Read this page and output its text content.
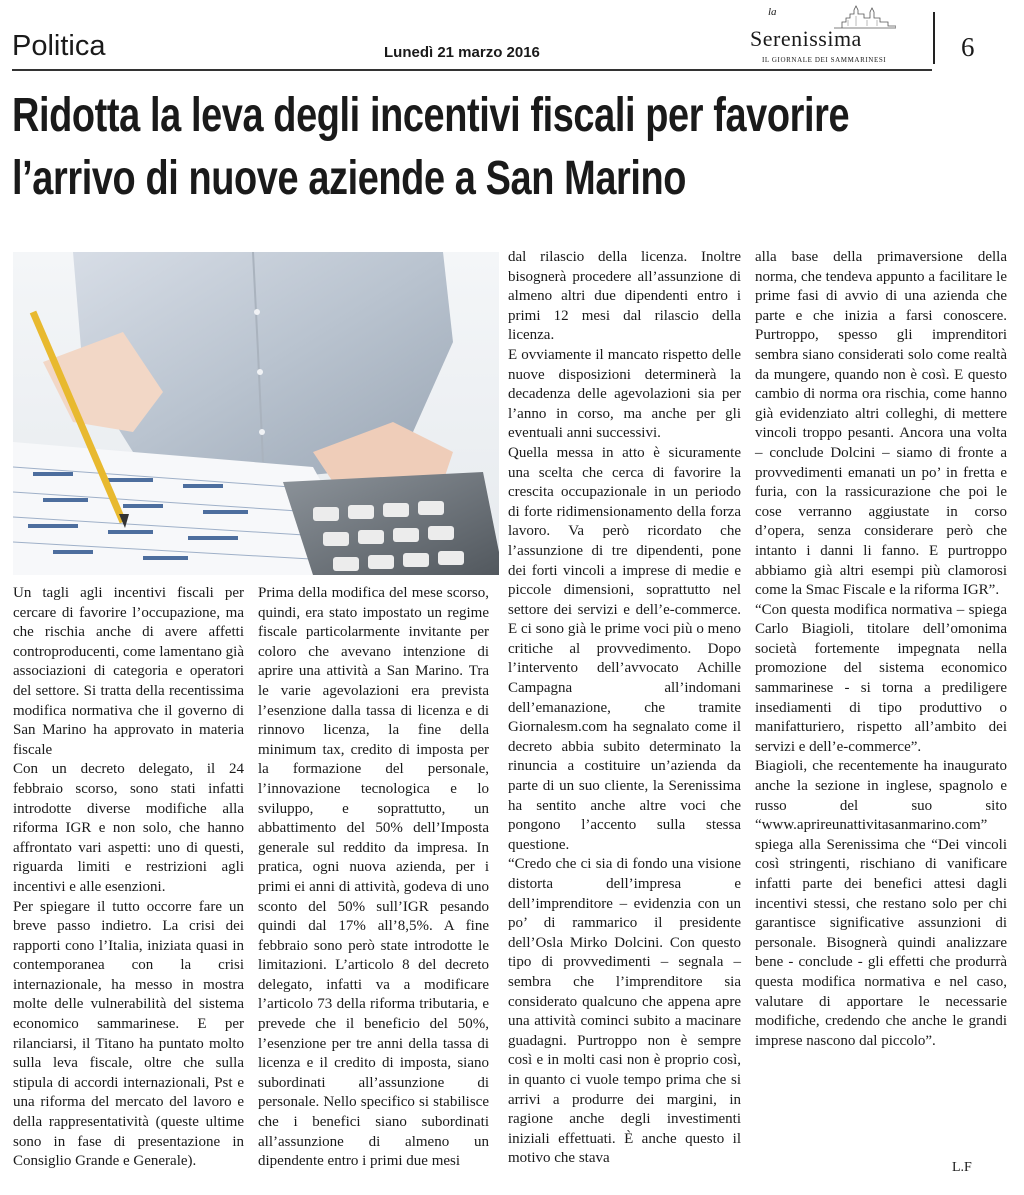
Politica	Lunedì 21 marzo 2016
la
Serenissima
IL GIORNALE DEI SAMMARINESI	6
Ridotta la leva degli incentivi fiscali per favorire
l’arrivo di nuove aziende a San Marino

Un tagli agli incentivi fiscali per cercare di favorire l’occupazione, ma che rischia anche di avere affetti controproducenti, come lamentano già associazioni di categoria e operatori del settore. Si tratta della recentissima modifica normativa che il governo di San Marino ha approvato in materia fiscale

Con un decreto delegato, il 24 febbraio scorso, sono stati infatti introdotte diverse modifiche alla riforma IGR e non solo, che hanno affrontato vari aspetti: uno di questi, riguarda limiti e restrizioni agli incentivi e alle esenzioni.

Per spiegare il tutto occorre fare un breve passo indietro. La crisi dei rapporti cono l’Italia, iniziata quasi in contemporanea con la crisi internazionale, ha messo in mostra molte delle vulnerabilità del sistema economico sammarinese. E per rilanciarsi, il Titano ha puntato molto sulla leva fiscale, oltre che sulla stipula di accordi internazionali, Pst e una riforma del mercato del lavoro e della rappresentatività (queste ultime sono in fase di presentazione in Consiglio Grande e Generale).

Prima della modifica del mese scorso, quindi, era stato impostato un regime fiscale particolarmente invitante per coloro che avevano intenzione di aprire una attività a San Marino. Tra le varie agevolazioni era prevista l’esenzione dalla tassa di licenza e di rinnovo licenza, la fine della minimum tax, credito di imposta per la formazione del personale, l’innovazione tecnologica e lo sviluppo, e soprattutto, un abbattimento del 50% dell’Imposta generale sul reddito da impresa. In pratica, ogni nuova azienda, per i primi ei anni di attività, godeva di uno sconto del 50% sull’IGR pesando quindi dal 17% all’8,5%. A fine febbraio sono però state introdotte le limitazioni. L’articolo 8 del decreto delegato, infatti va a modificare l’articolo 73 della riforma tributaria, e prevede che il beneficio del 50%, l’esenzione per tre anni della tassa di licenza e il credito di imposta, siano subordinati all’assunzione di personale. Nello specifico si stabilisce che i benefici siano subordinati all’assunzione di almeno un dipendente entro i primi due mesi

dal rilascio della licenza. Inoltre bisognerà procedere all’assunzione di almeno altri due dipendenti entro i primi 12 mesi dal rilascio della licenza.

E ovviamente il mancato rispetto delle nuove disposizioni determinerà la decadenza delle agevolazioni sia per l’anno in corso, ma anche per gli eventuali anni successivi.

Quella messa in atto è sicuramente una scelta che cerca di favorire la crescita occupazionale in un periodo di forte ridimensionamento della forza lavoro. Va però ricordato che l’assunzione di tre dipendenti, pone dei forti vincoli a imprese di medie e piccole dimensioni, soprattutto nel settore dei servizi e dell’e-commerce. E ci sono già le prime voci più o meno critiche al provvedimento. Dopo l’intervento dell’avvocato Achille Campagna all’indomani dell’emanazione, che tramite Giornalesm.com ha segnalato come il decreto abbia subito determinato la rinuncia a costituire un’azienda da parte di un suo cliente, la Serenissima ha sentito anche altre voci che pongono l’accento sulla stessa questione.

“Credo che ci sia di fondo una visione distorta dell’impresa e dell’imprenditore – evidenzia con un po’ di rammarico il presidente dell’Osla Mirko Dolcini. Con questo tipo di provvedimenti – segnala – sembra che l’imprenditore sia considerato qualcuno che appena apre una attività cominci subito a macinare guadagni. Purtroppo non è sempre così e in molti casi non è proprio così, in quanto ci vuole tempo prima che si arrivi a produrre dei margini, in ragione anche degli investimenti iniziali effettuati. È anche questo il motivo che stava

alla base della primaversione della norma, che tendeva appunto a facilitare le prime fasi di avvio di una azienda che parte e che inizia a farsi conoscere. Purtroppo, spesso gli imprenditori sembra siano considerati solo come realtà da mungere, quando non è così. E questo cambio di norma ora rischia, come hanno già evidenziato altri colleghi, di mettere vincoli troppo pesanti. Ancora una volta – conclude Dolcini – siamo di fronte a provvedimenti emanati un po’ in fretta e furia, con la rassicurazione che poi le cose verranno aggiustate in corso d’opera, senza considerare però che intanto i danni li fanno. E purtroppo abbiamo già altri esempi più clamorosi come la Smac Fiscale e la riforma IGR”.

“Con questa modifica normativa – spiega Carlo Biagioli, titolare dell’omonima società fortemente impegnata nella promozione del sistema economico sammarinese - si torna a prediligere insediamenti di tipo produttivo o manifatturiero, rispetto all’ambito dei servizi e dell’e-commerce”.

Biagioli, che recentemente ha inaugurato anche la sezione in inglese, spagnolo e russo del suo sito “www.aprireunattivitasanmarino.com” spiega alla Serenissima che “Dei vincoli così stringenti, rischiano di vanificare infatti parte dei benefici attesi dagli incentivi stessi, che restano solo per chi garantisce significative assunzioni di personale. Bisognerà quindi analizzare bene - conclude - gli effetti che produrrà questa modifica normativa e nel caso, valutare di apportare le necessarie modifiche, credendo che anche le grandi imprese nascono dal piccolo”.

L.F
